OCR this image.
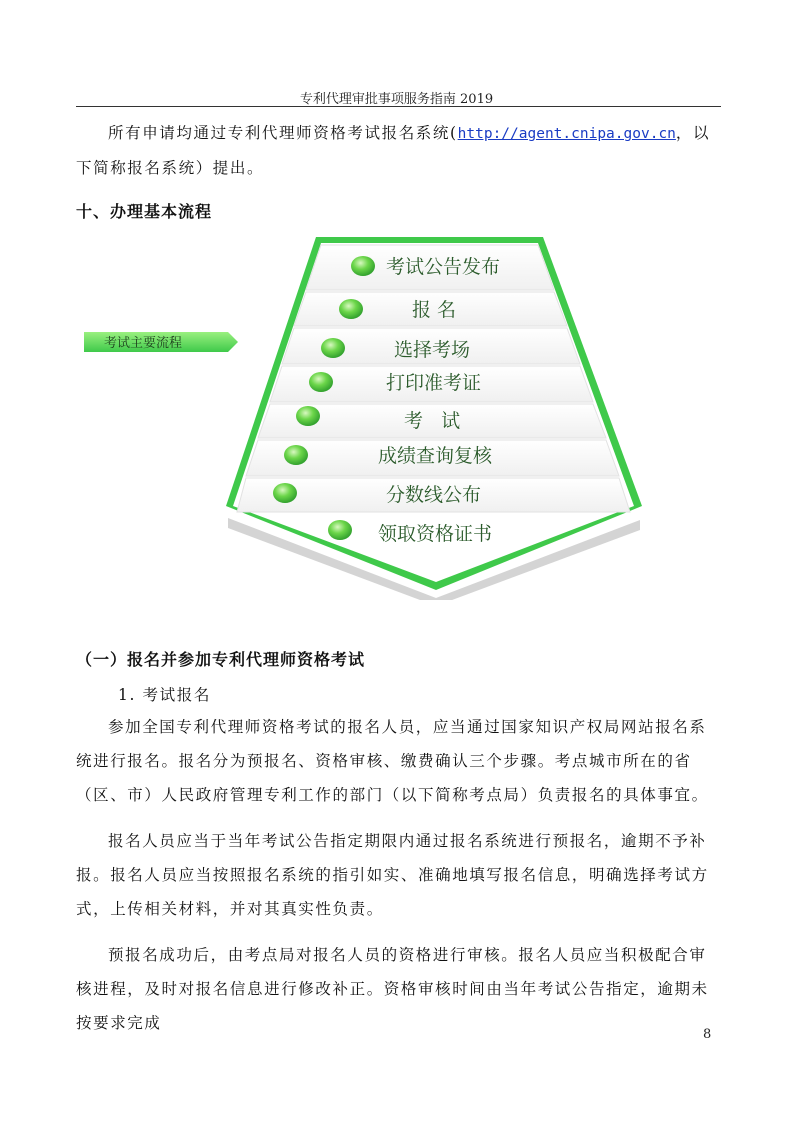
专利代理审批事项服务指南 2019

所有申请均通过专利代理师资格考试报名系统(http://agent.cnipa.gov.cn，以下简称报名系统）提出。

十、办理基本流程
考试公告发布
报 名
选择考场
打印准考证
考   试
成绩查询复核
分数线公布
领取资格证书
考试主要流程
（一）报名并参加专利代理师资格考试
1. 考试报名

参加全国专利代理师资格考试的报名人员，应当通过国家知识产权局网站报名系统进行报名。报名分为预报名、资格审核、缴费确认三个步骤。考点城市所在的省（区、市）人民政府管理专利工作的部门（以下简称考点局）负责报名的具体事宜。

报名人员应当于当年考试公告指定期限内通过报名系统进行预报名，逾期不予补报。报名人员应当按照报名系统的指引如实、准确地填写报名信息，明确选择考试方式，上传相关材料，并对其真实性负责。

预报名成功后，由考点局对报名人员的资格进行审核。报名人员应当积极配合审核进程，及时对报名信息进行修改补正。资格审核时间由当年考试公告指定，逾期未按要求完成

8
